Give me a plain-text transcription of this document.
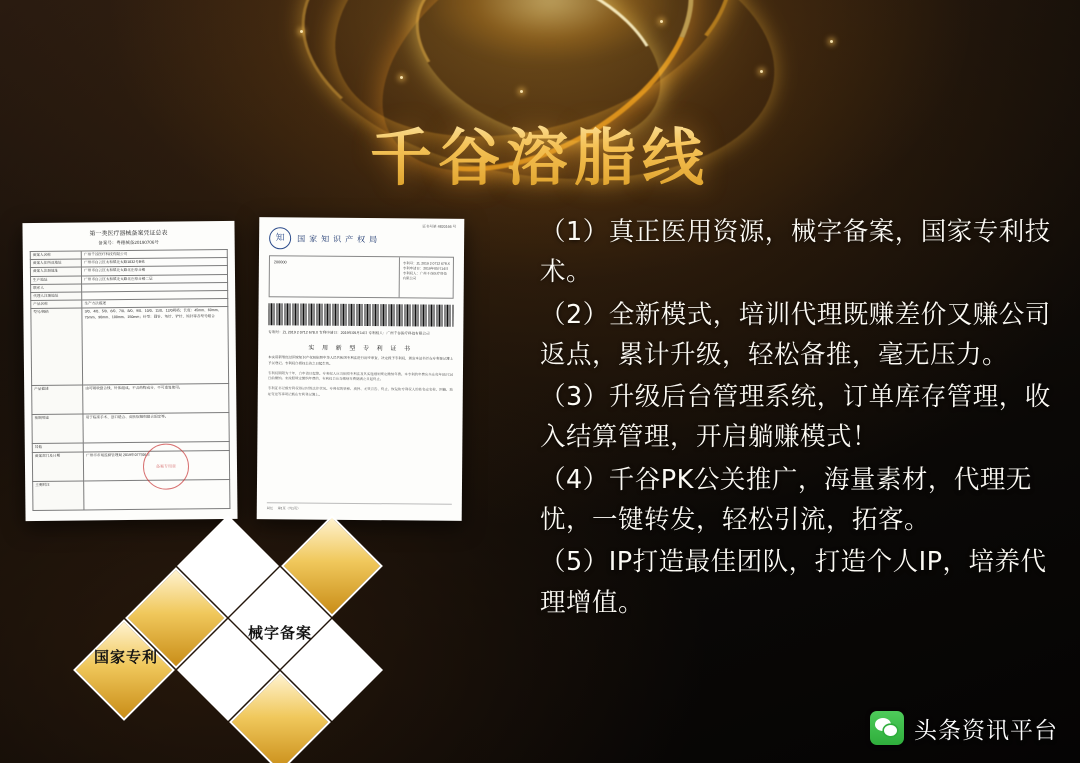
千谷溶脂线
第一类医疗器械备案凭证总表
备案号：粤穗械备20190706号
备案人名称	广州千谷医疗科技有限公司
备案人住所及地址	广州市白云区太和镇北太路1832号B栋
备案人注册地址	广州市白云区太和镇北太路北庄综合楼
生产地址	广州市白云区太和镇北太路北庄综合楼二层
联系人	
代理人注册地址	
产品名称	生产方法描述
型号/规格	3/0、4/0、5/0、6/0、7/0、8/0、9/0、10/0、11/0、12/0规格；长度：45mm、60mm、75mm、90mm、100mm、150mm；针型：圆针、角针、铲针、钝针等各型号组合
产品描述	由可吸收缝合线、针体组成。不含药物成分，不可重复使用。
预期用途	用于临床手术、创口缝合、皮肤软组织缝合固定等。
其他	
备案部门及日期	广州市市场监督管理局 2019年07月06日
主要附注	
备案专用章
证书号第 4820166 号
知	国家知识产权局
200000	专利号：ZL 2019 2 0712 678.X 专利申请日：2019年05月14日 专利权人：广州千谷医疗科技有限公司
专利号：ZL 2019 2 0712 678.X 专利申请日：2019年05月14日 专利权人：广州千谷医疗科技有限公司
实 用 新 型 专 利 证 书
本实用新型经过国家知识产权局依照中华人民共和国专利法进行初步审查，决定授予专利权，颁发本证书并在专利登记簿上予以登记。专利权自授权公告之日起生效。
专利权期限为十年，自申请日起算。专利权人应当依照专利法及其实施细则规定缴纳年费。本专利的年费应当在每年05月14日前缴纳。未按照规定缴纳年费的，专利权自应当缴纳年费期满之日起终止。
专利证书记载专利权登记时的法律状况。专利权的转移、质押、无效宣告、终止、恢复和专利权人的姓名或名称、国籍、地址变更等事项记载在专利登记簿上。
局长 第1页（共1页）
国家专利
械字备案

（1）真正医用资源，械字备案，国家专利技术。

（2）全新模式，培训代理既赚差价又赚公司返点，累计升级，轻松备推，毫无压力。

（3）升级后台管理系统，订单库存管理，收入结算管理，开启躺赚模式！

（4）千谷PK公关推广，海量素材，代理无忧，一键转发，轻松引流，拓客。

（5）IP打造最佳团队，打造个人IP，培养代理增值。

头条资讯平台
